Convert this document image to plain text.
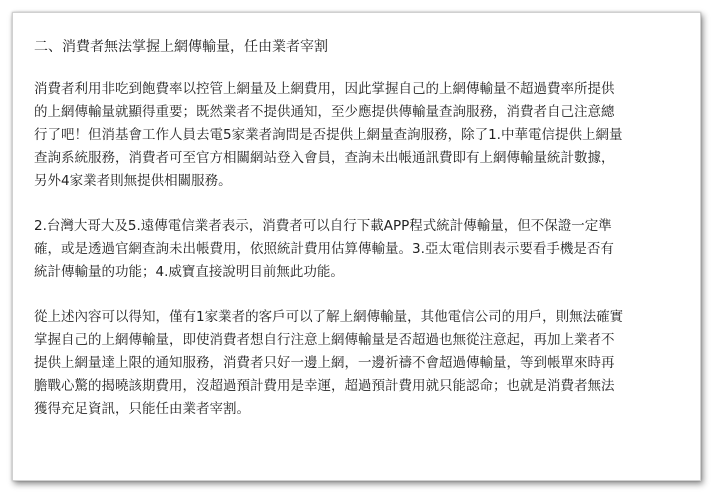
二、消費者無法掌握上網傳輸量，任由業者宰割

消費者利用非吃到飽費率以控管上網量及上網費用，因此掌握自己的上網傳輸量不超過費率所提供
的上網傳輸量就顯得重要；既然業者不提供通知，至少應提供傳輸量查詢服務，消費者自己注意總
行了吧！但消基會工作人員去電5家業者詢問是否提供上網量查詢服務，除了1.中華電信提供上網量
查詢系統服務，消費者可至官方相關網站登入會員，查詢未出帳通訊費即有上網傳輸量統計數據，
另外4家業者則無提供相關服務。

2.台灣大哥大及5.遠傳電信業者表示，消費者可以自行下載APP程式統計傳輸量，但不保證一定準
確，或是透過官網查詢未出帳費用，依照統計費用估算傳輸量。3.亞太電信則表示要看手機是否有
統計傳輸量的功能；4.威寶直接說明目前無此功能。

從上述內容可以得知，僅有1家業者的客戶可以了解上網傳輸量，其他電信公司的用戶，則無法確實
掌握自己的上網傳輸量，即使消費者想自行注意上網傳輸量是否超過也無從注意起，再加上業者不
提供上網量達上限的通知服務，消費者只好一邊上網，一邊祈禱不會超過傳輸量，等到帳單來時再
膽戰心驚的揭曉該期費用，沒超過預計費用是幸運，超過預計費用就只能認命；也就是消費者無法
獲得充足資訊，只能任由業者宰割。
